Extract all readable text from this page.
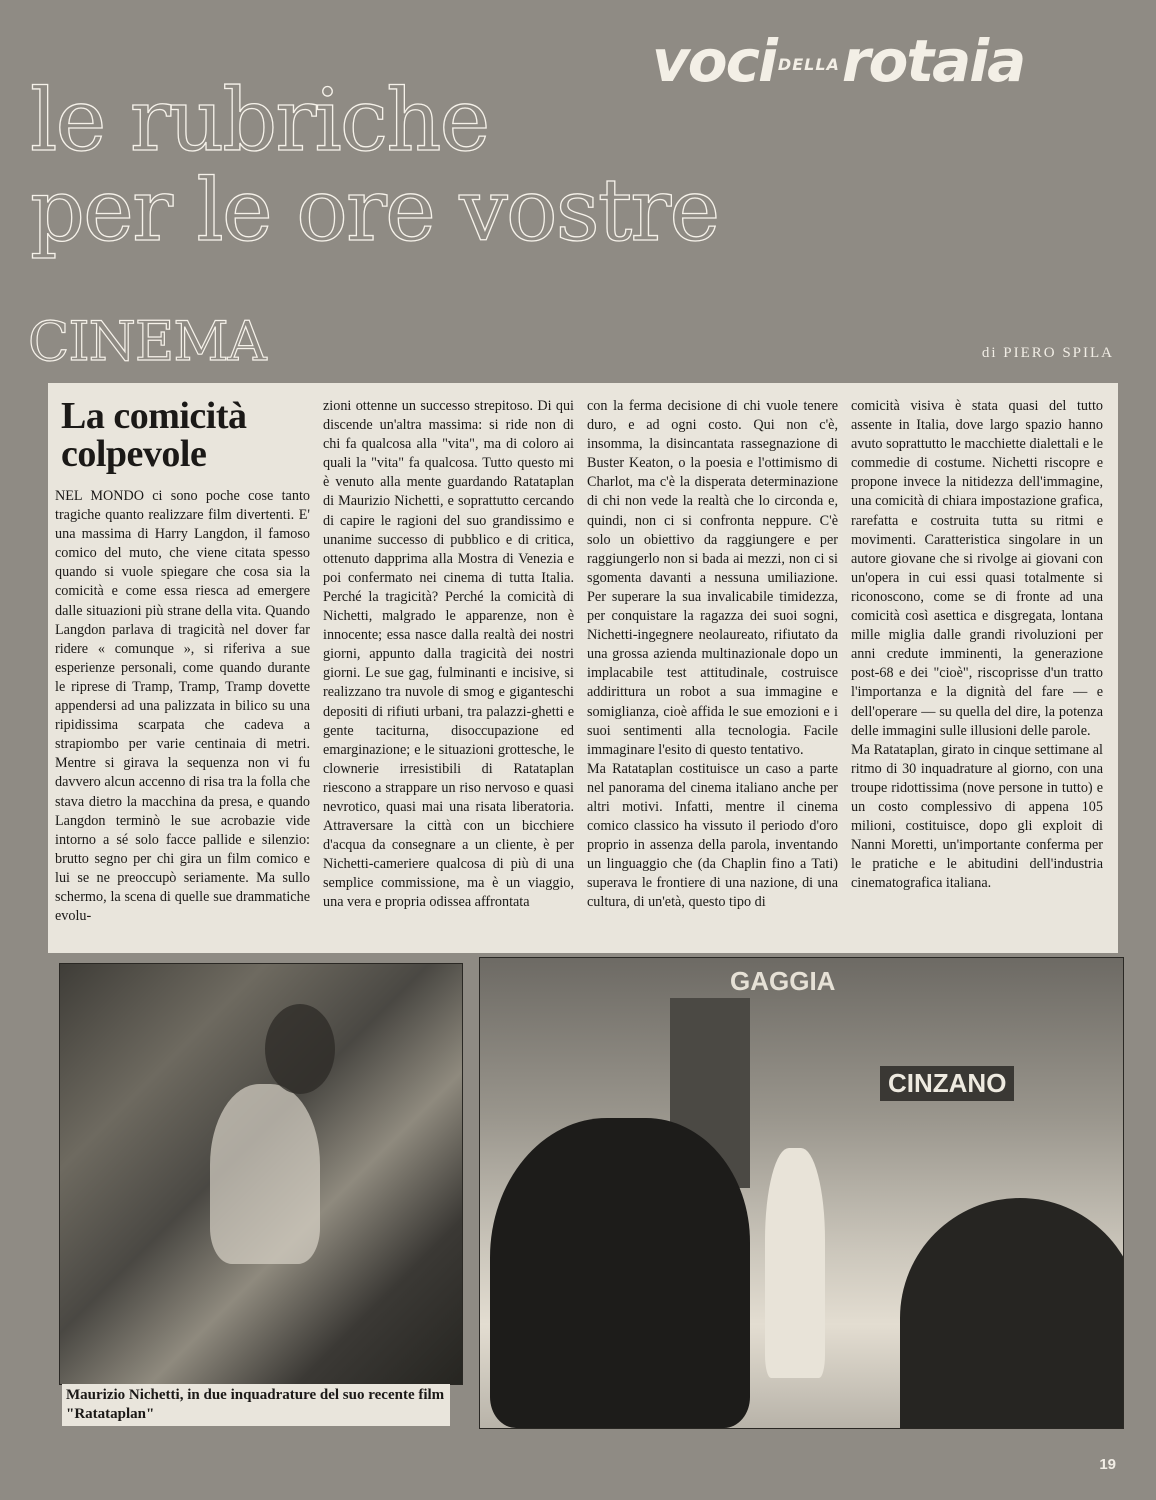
voci DELLArotaia
le rubriche
per le ore vostre
CINEMA	di PIERO SPILA
La comicità
colpevole

NEL MONDO ci sono poche cose tanto tragiche quanto realizzare film divertenti. E' una massima di Harry Langdon, il famoso comico del muto, che viene citata spesso quando si vuole spiegare che cosa sia la comicità e come essa riesca ad emergere dalle situazioni più strane della vita. Quando Langdon parlava di tragicità nel dover far ridere « comunque », si riferiva a sue esperienze personali, come quando durante le riprese di Tramp, Tramp, Tramp dovette appendersi ad una palizzata in bilico su una ripidissima scarpata che cadeva a strapiombo per varie centinaia di metri. Mentre si girava la sequenza non vi fu davvero alcun accenno di risa tra la folla che stava dietro la macchina da presa, e quando Langdon terminò le sue acrobazie vide intorno a sé solo facce pallide e silenzio: brutto segno per chi gira un film comico e lui se ne preoccupò seriamente. Ma sullo schermo, la scena di quelle sue drammatiche evolu-

zioni ottenne un successo strepitoso. Di qui discende un'altra massima: si ride non di chi fa qualcosa alla "vita", ma di coloro ai quali la "vita" fa qualcosa. Tutto questo mi è venuto alla mente guardando Ratataplan di Maurizio Nichetti, e soprattutto cercando di capire le ragioni del suo grandissimo e unanime successo di pubblico e di critica, ottenuto dapprima alla Mostra di Venezia e poi confermato nei cinema di tutta Italia. Perché la tragicità? Perché la comicità di Nichetti, malgrado le apparenze, non è innocente; essa nasce dalla realtà dei nostri giorni, appunto dalla tragicità dei nostri giorni. Le sue gag, fulminanti e incisive, si realizzano tra nuvole di smog e giganteschi depositi di rifiuti urbani, tra palazzi-ghetti e gente taciturna, disoccupazione ed emarginazione; e le situazioni grottesche, le clownerie irresistibili di Ratataplan riescono a strappare un riso nervoso e quasi nevrotico, quasi mai una risata liberatoria. Attraversare la città con un bicchiere d'acqua da consegnare a un cliente, è per Nichetti-cameriere qualcosa di più di una semplice commissione, ma è un viaggio, una vera e propria odissea affrontata

con la ferma decisione di chi vuole tenere duro, e ad ogni costo. Qui non c'è, insomma, la disincantata rassegnazione di Buster Keaton, o la poesia e l'ottimismo di Charlot, ma c'è la disperata determinazione di chi non vede la realtà che lo circonda e, quindi, non ci si confronta neppure. C'è solo un obiettivo da raggiungere e per raggiungerlo non si bada ai mezzi, non ci si sgomenta davanti a nessuna umiliazione. Per superare la sua invalicabile timidezza, per conquistare la ragazza dei suoi sogni, Nichetti-ingegnere neolaureato, rifiutato da una grossa azienda multinazionale dopo un implacabile test attitudinale, costruisce addirittura un robot a sua immagine e somiglianza, cioè affida le sue emozioni e i suoi sentimenti alla tecnologia. Facile immaginare l'esito di questo tentativo.

Ma Ratataplan costituisce un caso a parte nel panorama del cinema italiano anche per altri motivi. Infatti, mentre il cinema comico classico ha vissuto il periodo d'oro proprio in assenza della parola, inventando un linguaggio che (da Chaplin fino a Tati) superava le frontiere di una nazione, di una cultura, di un'età, questo tipo di

comicità visiva è stata quasi del tutto assente in Italia, dove largo spazio hanno avuto soprattutto le macchiette dialettali e le commedie di costume. Nichetti riscopre e propone invece la nitidezza dell'immagine, una comicità di chiara impostazione grafica, rarefatta e costruita tutta su ritmi e movimenti. Caratteristica singolare in un autore giovane che si rivolge ai giovani con un'opera in cui essi quasi totalmente si riconoscono, come se di fronte ad una comicità così asettica e disgregata, lontana mille miglia dalle grandi rivoluzioni per anni credute imminenti, la generazione post-68 e dei "cioè", riscoprisse d'un tratto l'importanza e la dignità del fare — e dell'operare — su quella del dire, la potenza delle immagini sulle illusioni delle parole.

Ma Ratataplan, girato in cinque settimane al ritmo di 30 inquadrature al giorno, con una troupe ridottissima (nove persone in tutto) e un costo complessivo di appena 105 milioni, costituisce, dopo gli exploit di Nanni Moretti, un'importante conferma per le pratiche e le abitudini dell'industria cinematografica italiana.

GAGGIA
CINZANO
Maurizio Nichetti, in due inquadrature del suo recente film "Ratataplan"
19
